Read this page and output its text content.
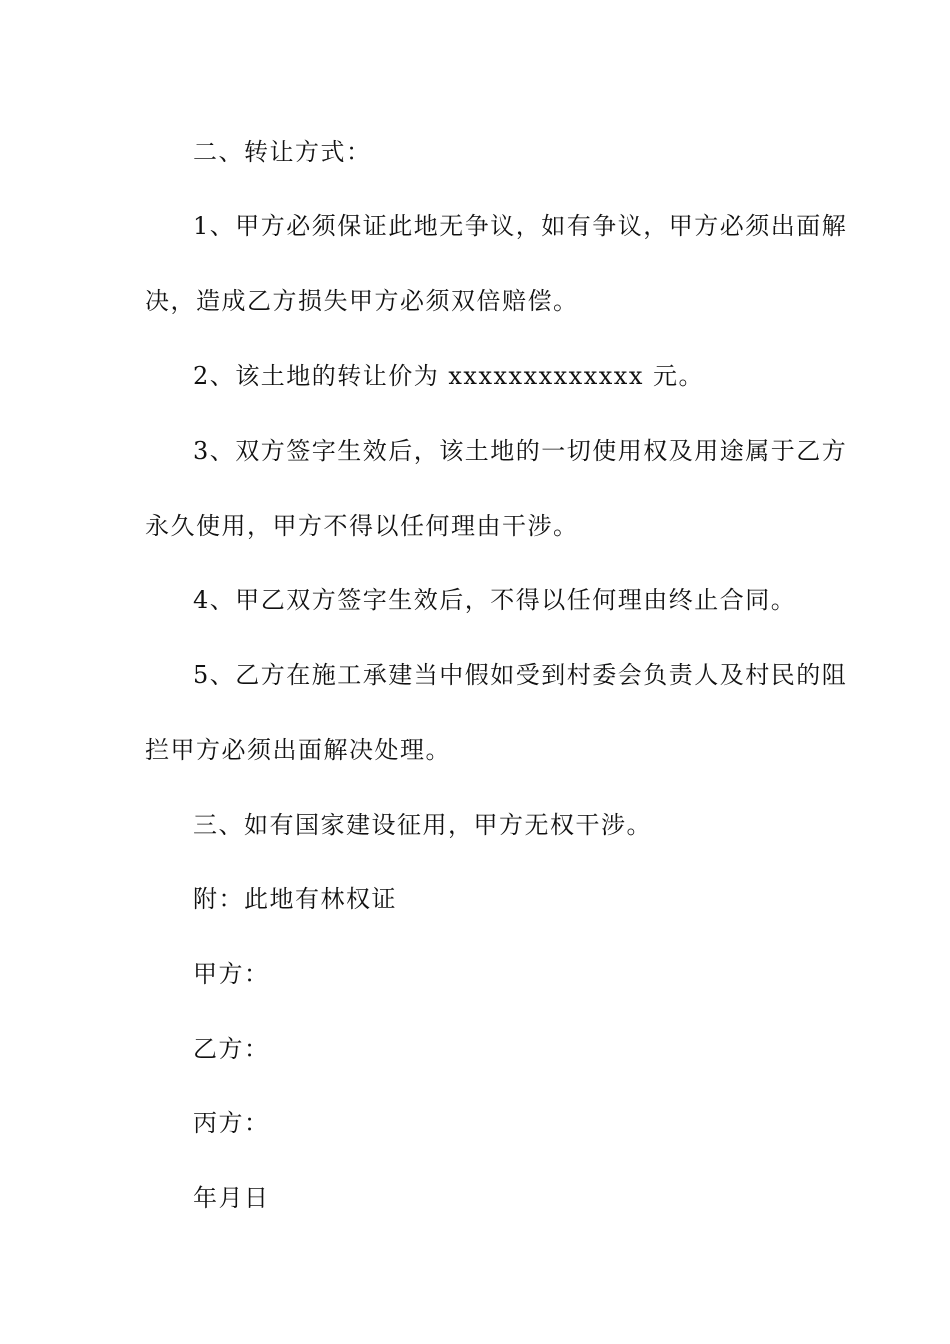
二、转让方式：

1、甲方必须保证此地无争议，如有争议，甲方必须出面解

决，造成乙方损失甲方必须双倍赔偿。

2、该土地的转让价为 xxxxxxxxxxxxx 元。

3、双方签字生效后，该土地的一切使用权及用途属于乙方

永久使用，甲方不得以任何理由干涉。

4、甲乙双方签字生效后，不得以任何理由终止合同。

5、乙方在施工承建当中假如受到村委会负责人及村民的阻

拦甲方必须出面解决处理。

三、如有国家建设征用，甲方无权干涉。

附：此地有林权证

甲方：

乙方：

丙方：

年月日
